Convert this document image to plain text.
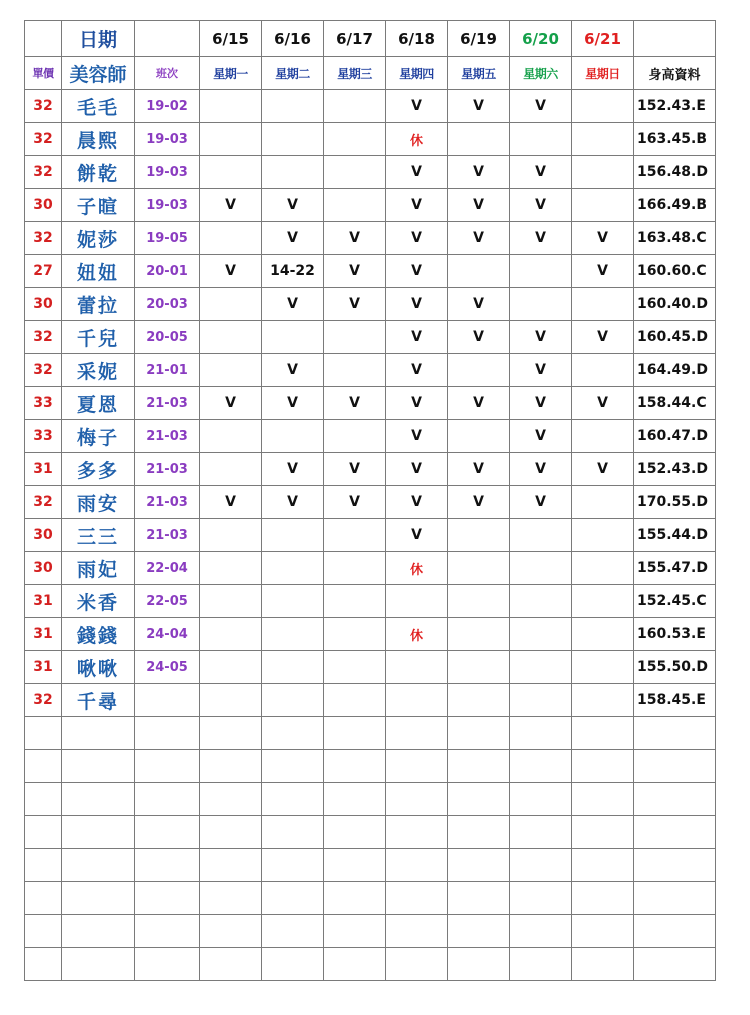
	日期		6/15	6/16	6/17	6/18	6/19	6/20	6/21	
單價	美容師	班次	星期一	星期二	星期三	星期四	星期五	星期六	星期日	身高資料
32	毛毛	19-02				V	V	V		152.43.E
32	晨熙	19-03				休				163.45.B
32	餅乾	19-03				V	V	V		156.48.D
30	子暄	19-03	V	V		V	V	V		166.49.B
32	妮莎	19-05		V	V	V	V	V	V	163.48.C
27	妞妞	20-01	V	14-22	V	V			V	160.60.C
30	蕾拉	20-03		V	V	V	V			160.40.D
32	千兒	20-05				V	V	V	V	160.45.D
32	采妮	21-01		V		V		V		164.49.D
33	夏恩	21-03	V	V	V	V	V	V	V	158.44.C
33	梅子	21-03				V		V		160.47.D
31	多多	21-03		V	V	V	V	V	V	152.43.D
32	雨安	21-03	V	V	V	V	V	V		170.55.D
30	三三	21-03				V				155.44.D
30	雨妃	22-04				休				155.47.D
31	米香	22-05								152.45.C
31	錢錢	24-04				休				160.53.E
31	啾啾	24-05								155.50.D
32	千尋									158.45.E
